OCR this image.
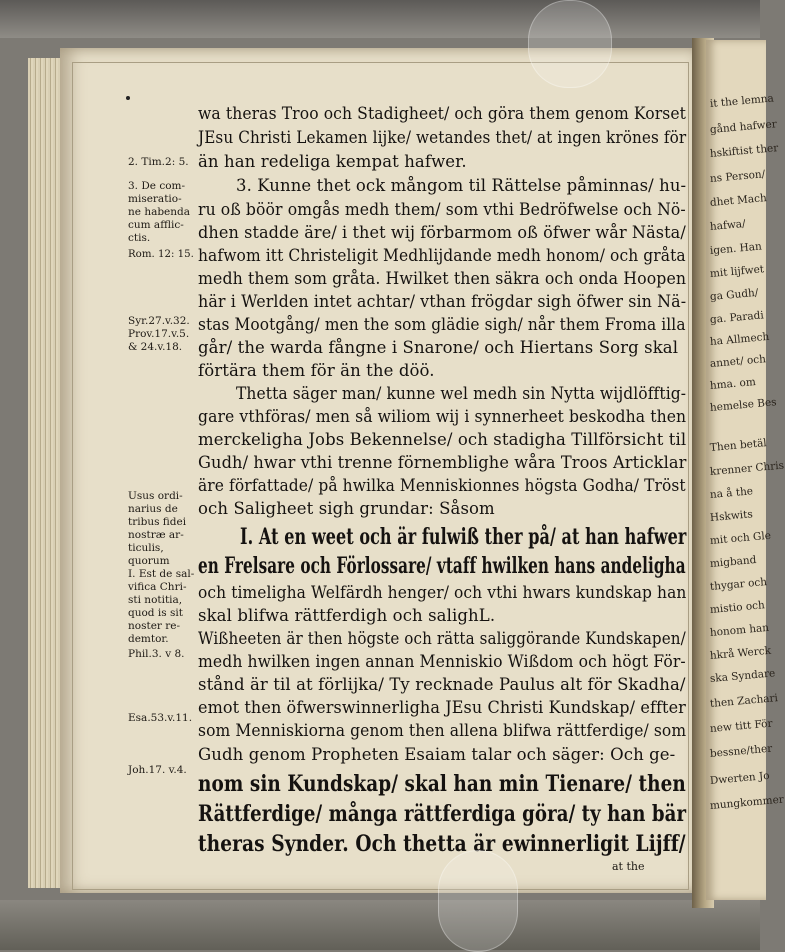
it the lemna

gånd hafwer

hskiftist ther

ns Person/

dhet Mach

hafwa/

igen. Han

mit lijfwet

ga Gudh/

ga. Paradi

ha Allmech

annet/ och

hma. om

hemelse Bes

Then betäl

krenner Chris

na å the

Hskwits

mit och Gle

migband

thygar och

mistio och

honom han

hkrå Werck

ska Syndare

then Zachari

new titt För

bessne/ther

Dwerten Jo

mungkommer

wa theras Troo och Stadigheet/ och göra them genom Korset

JEsu Christi Lekamen lijke/ wetandes thet/ at ingen krönes för

än han redeliga kempat hafwer.

3. Kunne thet ock mångom til Rättelse påminnas/ hu-

ru oß böör omgås medh them/ som vthi Bedröfwelse och Nö-

dhen stadde äre/ i thet wij förbarmom oß öfwer wår Nästa/

hafwom itt Christeligit Medhlijdande medh honom/ och gråta

medh them som gråta. Hwilket then säkra och onda Hoopen

här i Werlden intet achtar/ vthan frögdar sigh öfwer sin Nä-

stas Mootgång/ men the som glädie sigh/ når them Froma illa

går/ the warda fångne i Snarone/ och Hiertans Sorg skal

förtära them för än the döö.

Thetta säger man/ kunne wel medh sin Nytta wijdlöfftig-

gare vthföras/ men så wiliom wij i synnerheet beskodha then

merckeligha Jobs Bekennelse/ och stadigha Tillförsicht til

Gudh/ hwar vthi trenne förnemblighe wåra Troos Articklar

äre författade/ på hwilka Menniskionnes högsta Godha/ Tröst

och Saligheet sigh grundar: Såsom

I. At en weet och är fulwiß ther på/ at han hafwer

en Frelsare och Förlossare/ vtaff hwilken hans andeligha

och timeligha Welfärdh henger/ och vthi hwars kundskap han

skal blifwa rättferdigh och salighL.

Wißheeten är then högste och rätta saliggörande Kundskapen/

medh hwilken ingen annan Menniskio Wißdom och högt För-

stånd är til at förlijka/ Ty recknade Paulus alt för Skadha/

emot then öfwerswinnerligha JEsu Christi Kundskap/ effter

som Menniskiorna genom then allena blifwa rättferdige/ som

Gudh genom Propheten Esaiam talar och säger: Och ge-

nom sin Kundskap/ skal han min Tienare/ then

Rättferdige/ många rättferdiga göra/ ty han bär

theras Synder. Och thetta är ewinnerligit Lijff/

at the

2. Tim.2: 5.

3. De com-

miseratio-

ne habenda

cum afflic-

ctis.

Rom. 12: 15.

Syr.27.v.32.

Prov.17.v.5.

& 24.v.18.

Usus ordi-

narius de

tribus fidei

nostræ ar-

ticulis,

quorum

I. Est de sal-

vifica Chri-

sti notitia,

quod is sit

noster re-

demtor.

Phil.3. v 8.

Esa.53.v.11.

Joh.17. v.4.
